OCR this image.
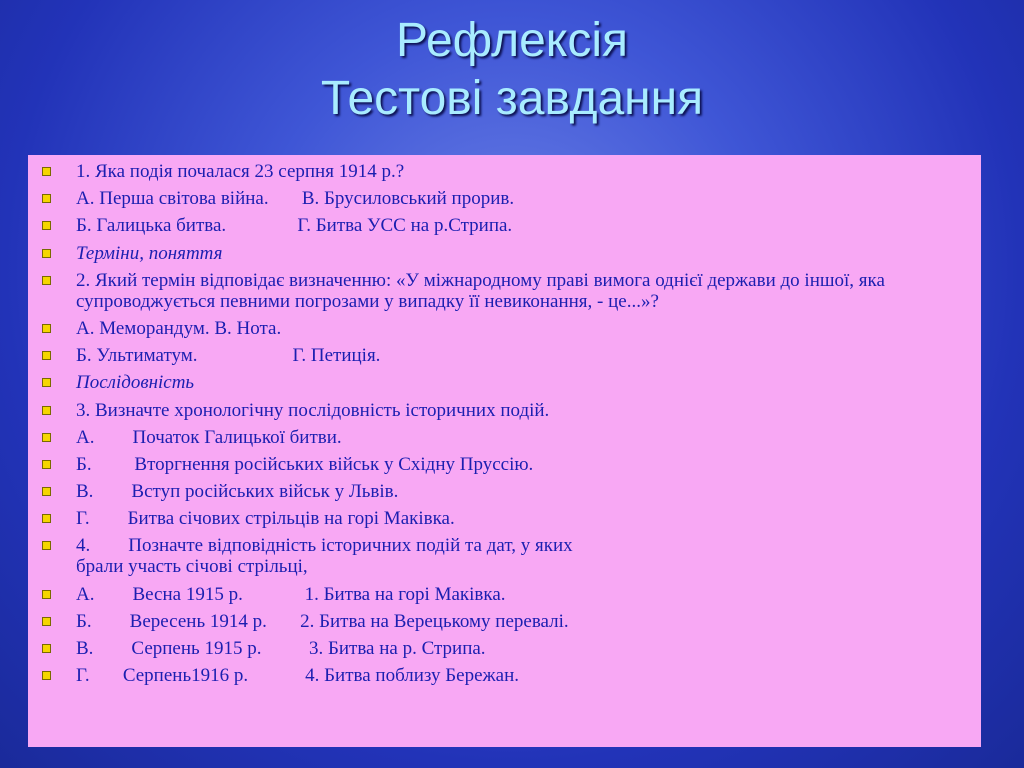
Рефлексія
Тестові завдання
1. Яка подія почалася 23 серпня 1914 р.?
А. Перша світова війна.       В. Брусиловський прорив.
Б. Галицька битва.               Г. Битва УСС на р.Стрипа.
Терміни, поняття
2. Який термін відповідає визначенню: «У міжнародному праві вимога однієї держави до іншої, яка супроводжується певними погрозами у випадку її невиконання, - це...»?
А. Меморандум. В. Нота.
Б. Ультиматум.                    Г. Петиція.
Послідовність
3. Визначте хронологічну послідовність історичних подій.
А.        Початок Галицької битви.
Б.         Вторгнення російських військ у Східну Пруссію.
В.        Вступ російських військ у Львів.
Г.        Битва січових стрільців на горі Маківка.
4.        Позначте відповідність історичних подій та дат, у яких
брали участь січові стрільці,
А.        Весна 1915 р.             1. Битва на горі Маківка.
Б.        Вересень 1914 р.       2. Битва на Верецькому перевалі.
В.        Серпень 1915 р.          3. Битва на р. Стрипа.
Г.       Серпень1916 р.            4. Битва поблизу Бережан.
